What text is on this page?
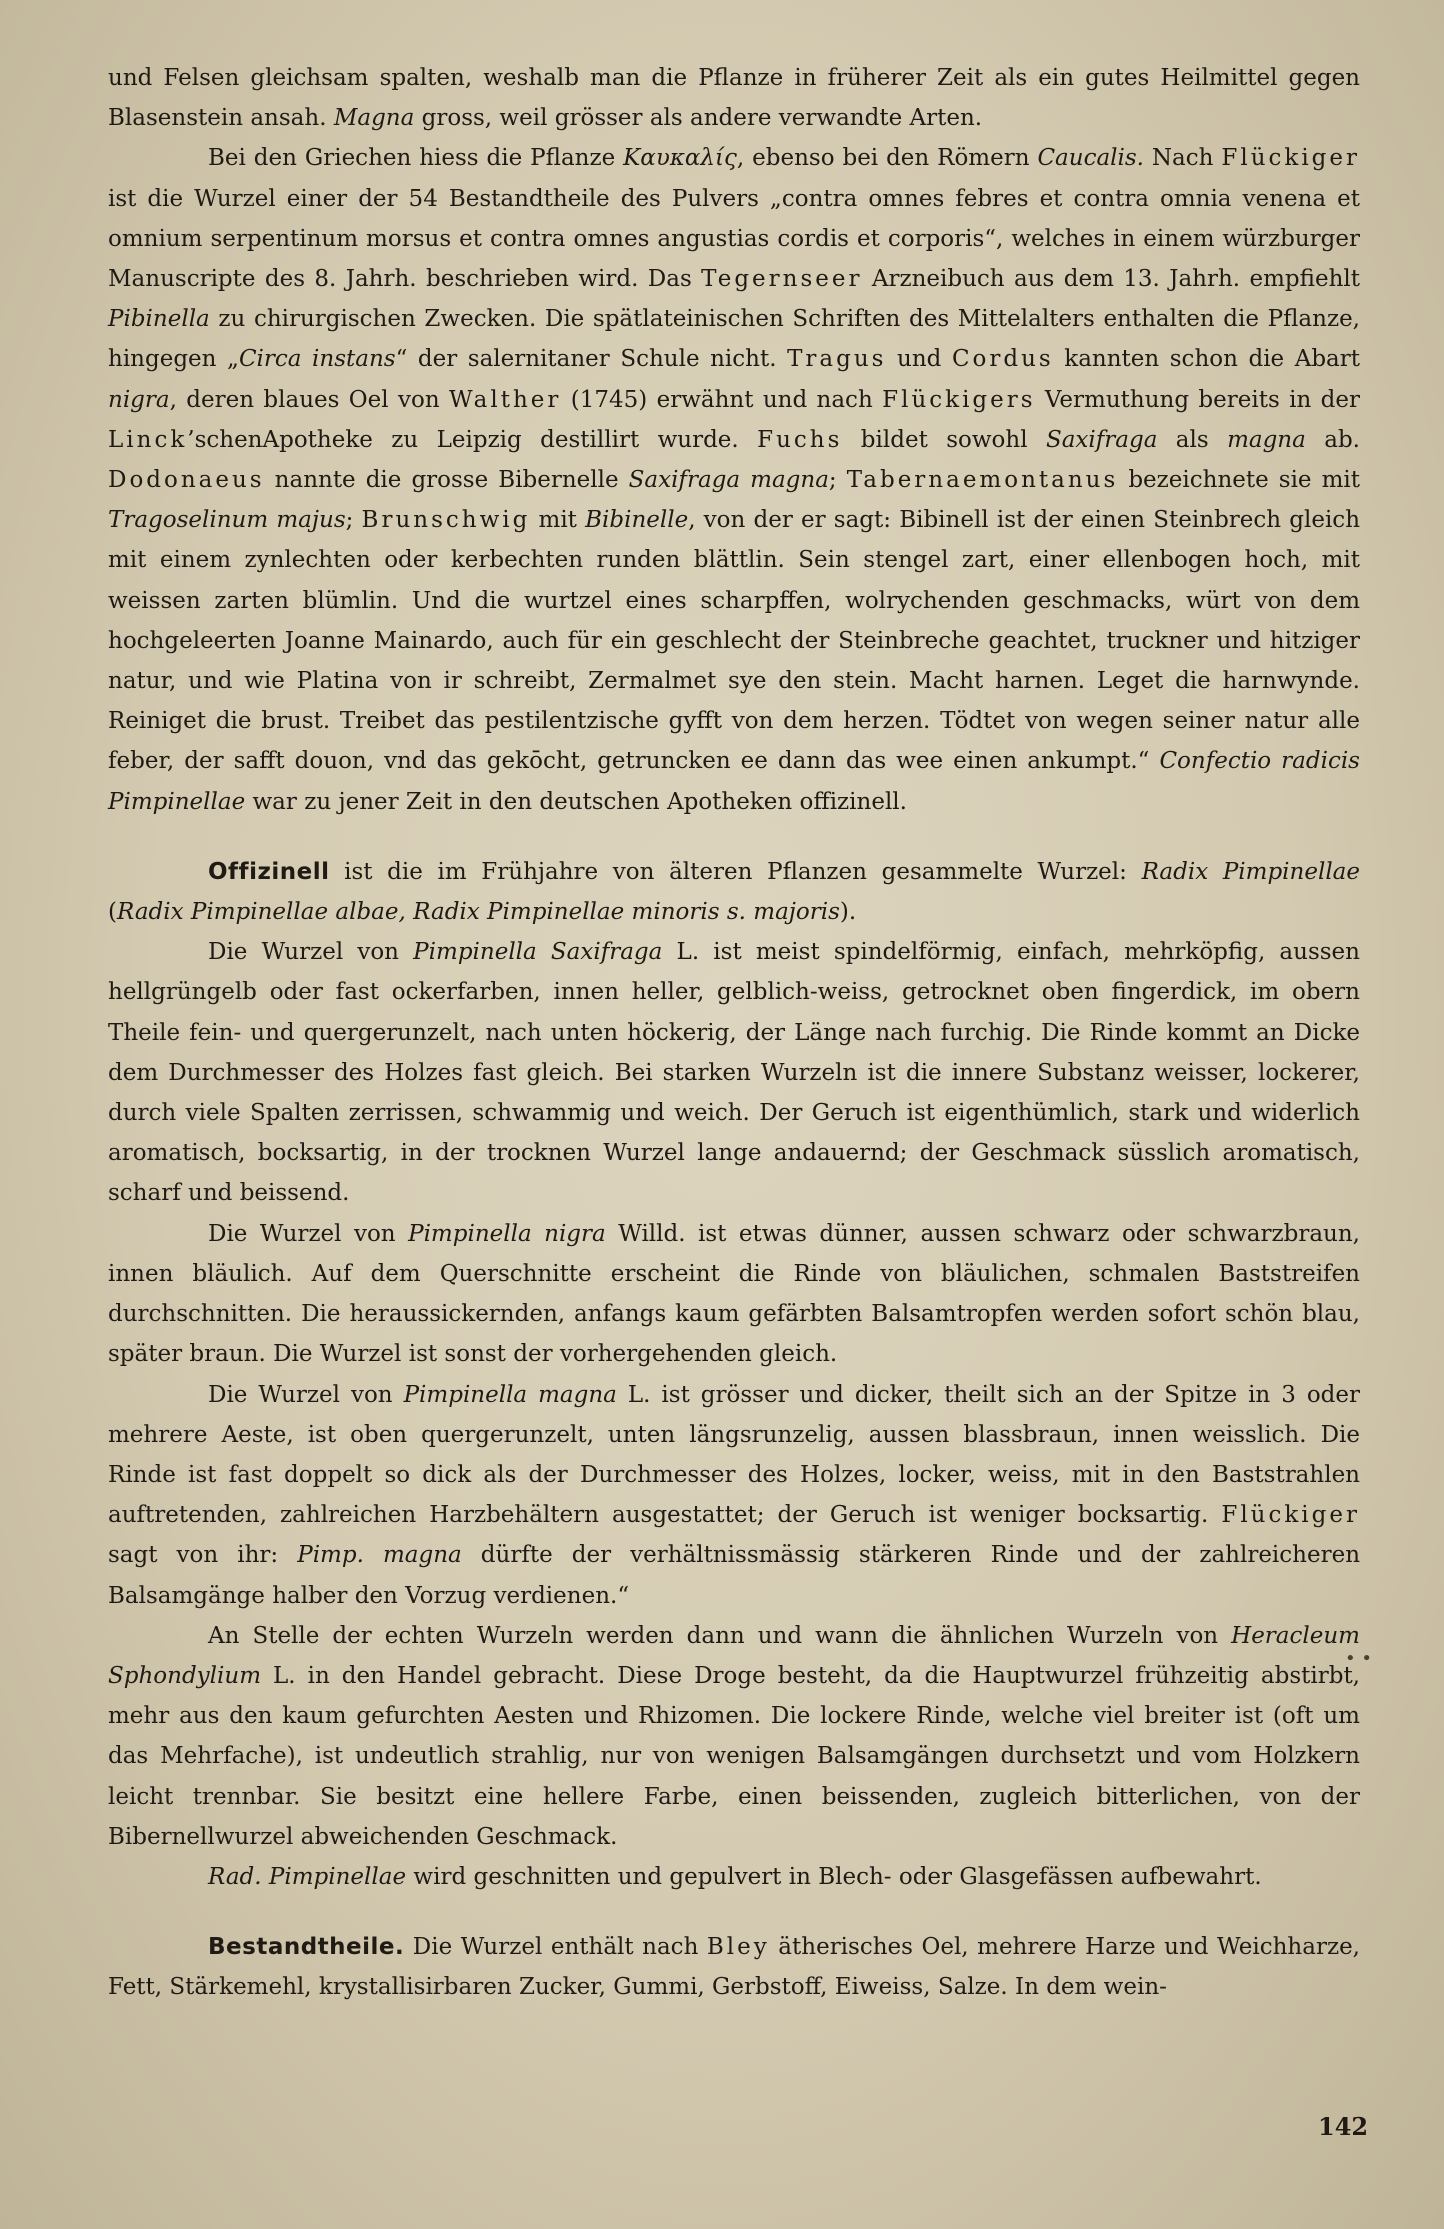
und Felsen gleichsam spalten, weshalb man die Pflanze in früherer Zeit als ein gutes Heilmittel gegen Blasenstein ansah. Magna gross, weil grösser als andere verwandte Arten.

Bei den Griechen hiess die Pflanze Καυκαλίς, ebenso bei den Römern Caucalis. Nach Flückiger ist die Wurzel einer der 54 Bestandtheile des Pulvers „contra omnes febres et contra omnia venena et omnium serpentinum morsus et contra omnes angustias cordis et corporis“, welches in einem würzburger Manuscripte des 8. Jahrh. beschrieben wird. Das Tegernseer Arzneibuch aus dem 13. Jahrh. empfiehlt Pibinella zu chirurgischen Zwecken. Die spätlateinischen Schriften des Mittelalters enthalten die Pflanze, hingegen „Circa instans“ der salernitaner Schule nicht. Tragus und Cordus kannten schon die Abart nigra, deren blaues Oel von Walther (1745) erwähnt und nach Flückigers Vermuthung bereits in der Linck’schenApotheke zu Leipzig destillirt wurde. Fuchs bildet sowohl Saxifraga als magna ab. Dodonaeus nannte die grosse Bibernelle Saxifraga magna; Tabernaemontanus bezeichnete sie mit Tragoselinum majus; Brunschwig mit Bibinelle, von der er sagt: Bibinell ist der einen Steinbrech gleich mit einem zynlechten oder kerbechten runden blättlin. Sein stengel zart, einer ellenbogen hoch, mit weissen zarten blümlin. Und die wurtzel eines scharpffen, wolrychenden geschmacks, würt von dem hochgeleerten Joanne Mainardo, auch für ein geschlecht der Steinbreche geachtet, truckner und hitziger natur, und wie Platina von ir schreibt, Zermalmet sye den stein. Macht harnen. Leget die harnwynde. Reiniget die brust. Treibet das pestilentzische gyfft von dem herzen. Tödtet von wegen seiner natur alle feber, der safft douon, vnd das gekōcht, getruncken ee dann das wee einen ankumpt.“ Confectio radicis Pimpinellae war zu jener Zeit in den deutschen Apotheken offizinell.

Offizinell ist die im Frühjahre von älteren Pflanzen gesammelte Wurzel: Radix Pimpinellae (Radix Pimpinellae albae, Radix Pimpinellae minoris s. majoris).

Die Wurzel von Pimpinella Saxifraga L. ist meist spindelförmig, einfach, mehrköpfig, aussen hellgrüngelb oder fast ockerfarben, innen heller, gelblich-weiss, getrocknet oben fingerdick, im obern Theile fein- und quergerunzelt, nach unten höckerig, der Länge nach furchig. Die Rinde kommt an Dicke dem Durchmesser des Holzes fast gleich. Bei starken Wurzeln ist die innere Substanz weisser, lockerer, durch viele Spalten zerrissen, schwammig und weich. Der Geruch ist eigenthümlich, stark und widerlich aromatisch, bocksartig, in der trocknen Wurzel lange andauernd; der Geschmack süsslich aromatisch, scharf und beissend.

Die Wurzel von Pimpinella nigra Willd. ist etwas dünner, aussen schwarz oder schwarzbraun, innen bläulich. Auf dem Querschnitte erscheint die Rinde von bläulichen, schmalen Baststreifen durchschnitten. Die heraussickernden, anfangs kaum gefärbten Balsamtropfen werden sofort schön blau, später braun. Die Wurzel ist sonst der vorhergehenden gleich.

Die Wurzel von Pimpinella magna L. ist grösser und dicker, theilt sich an der Spitze in 3 oder mehrere Aeste, ist oben quergerunzelt, unten längsrunzelig, aussen blassbraun, innen weisslich. Die Rinde ist fast doppelt so dick als der Durchmesser des Holzes, locker, weiss, mit in den Baststrahlen auftretenden, zahlreichen Harzbehältern ausgestattet; der Geruch ist weniger bocksartig. Flückiger sagt von ihr: Pimp. magna dürfte der verhältnissmässig stärkeren Rinde und der zahlreicheren Balsamgänge halber den Vorzug verdienen.“

An Stelle der echten Wurzeln werden dann und wann die ähnlichen Wurzeln von Heracleum Sphondylium L. in den Handel gebracht. Diese Droge besteht, da die Hauptwurzel frühzeitig abstirbt, mehr aus den kaum gefurchten Aesten und Rhizomen. Die lockere Rinde, welche viel breiter ist (oft um das Mehrfache), ist undeutlich strahlig, nur von wenigen Balsamgängen durchsetzt und vom Holzkern leicht trennbar. Sie besitzt eine hellere Farbe, einen beissenden, zugleich bitterlichen, von der Bibernellwurzel abweichenden Geschmack.

Rad. Pimpinellae wird geschnitten und gepulvert in Blech- oder Glasgefässen aufbewahrt.

Bestandtheile. Die Wurzel enthält nach Bley ätherisches Oel, mehrere Harze und Weichharze, Fett, Stärkemehl, krystallisirbaren Zucker, Gummi, Gerbstoff, Eiweiss, Salze. In dem wein-

• •
142
